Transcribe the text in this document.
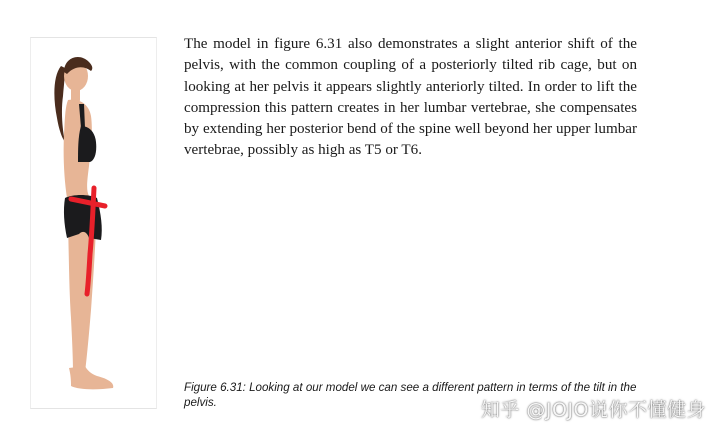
The model in figure 6.31 also demonstrates a slight anterior shift of the pelvis, with the common coupling of a posteriorly tilted rib cage, but on looking at her pelvis it appears slightly anteriorly tilted. In order to lift the compression this pattern creates in her lumbar vertebrae, she compensates by extending her posterior bend of the spine well beyond her upper lumbar vertebrae, possibly as high as T5 or T6.

Figure 6.31: Looking at our model we can see a different pattern in terms of the tilt in the pelvis.	知乎 @JOJO说你不懂健身
